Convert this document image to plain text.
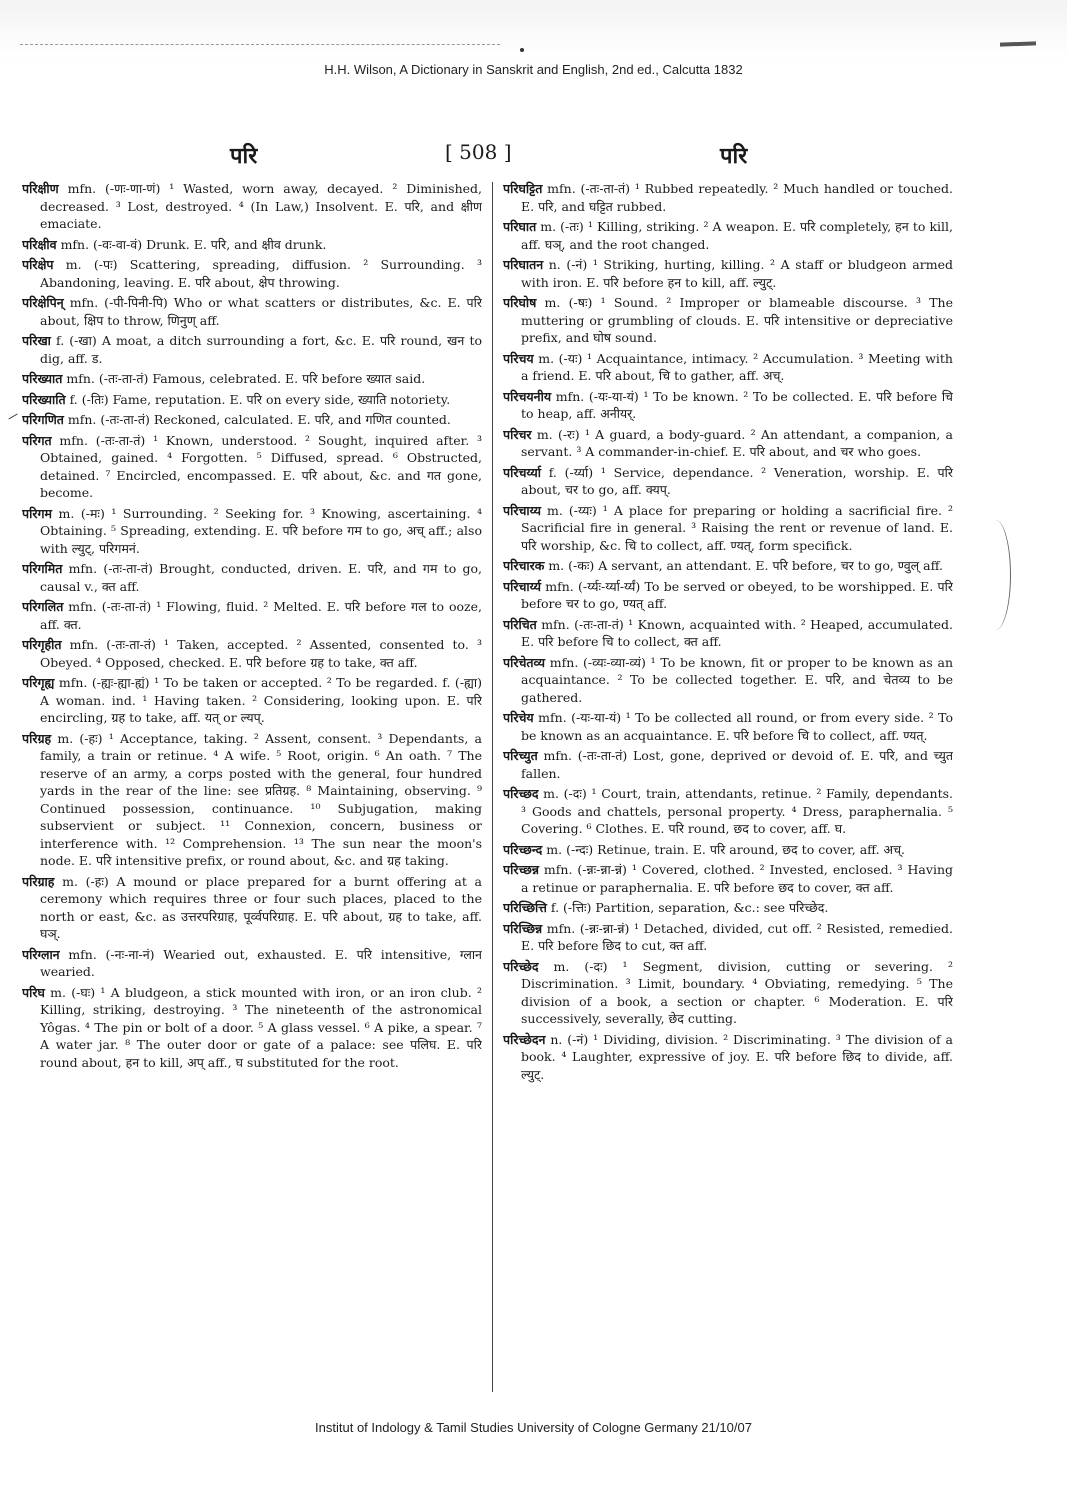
H.H. Wilson, A Dictionary in Sanskrit and English, 2nd ed., Calcutta 1832
परि	[ 508 ]	परि

परिक्षीण mfn. (-णः-णा-णं) ¹ Wasted, worn away, decayed. ² Diminished, decreased. ³ Lost, destroyed. ⁴ (In Law,) Insolvent. E. परि, and क्षीण emaciate.

परिक्षीव mfn. (-वः-वा-वं) Drunk. E. परि, and क्षीव drunk.

परिक्षेप m. (-पः) Scattering, spreading, diffusion. ² Surrounding. ³ Abandoning, leaving. E. परि about, क्षेप throwing.

परिक्षेपिन् mfn. (-पी-पिनी-पि) Who or what scatters or distributes, &c. E. परि about, क्षिप to throw, णिनुण् aff.

परिखा f. (-खा) A moat, a ditch surrounding a fort, &c. E. परि round, खन to dig, aff. ड.

परिख्यात mfn. (-तः-ता-तं) Famous, celebrated. E. परि before ख्यात said.

परिख्याति f. (-तिः) Fame, reputation. E. परि on every side, ख्याति notoriety.

परिगणित mfn. (-तः-ता-तं) Reckoned, calculated. E. परि, and गणित counted.

परिगत mfn. (-तः-ता-तं) ¹ Known, understood. ² Sought, inquired after. ³ Obtained, gained. ⁴ Forgotten. ⁵ Diffused, spread. ⁶ Obstructed, detained. ⁷ Encircled, encompassed. E. परि about, &c. and गत gone, become.

परिगम m. (-मः) ¹ Surrounding. ² Seeking for. ³ Knowing, ascertaining. ⁴ Obtaining. ⁵ Spreading, extending. E. परि before गम to go, अच् aff.; also with ल्युट्, परिगमनं.

परिगमित mfn. (-तः-ता-तं) Brought, conducted, driven. E. परि, and गम to go, causal v., क्त aff.

परिगलित mfn. (-तः-ता-तं) ¹ Flowing, fluid. ² Melted. E. परि before गल to ooze, aff. क्त.

परिगृहीत mfn. (-तः-ता-तं) ¹ Taken, accepted. ² Assented, consented to. ³ Obeyed. ⁴ Opposed, checked. E. परि before ग्रह to take, क्त aff.

परिगृह्य mfn. (-ह्यः-ह्या-ह्यं) ¹ To be taken or accepted. ² To be regarded. f. (-ह्या) A woman. ind. ¹ Having taken. ² Considering, looking upon. E. परि encircling, ग्रह to take, aff. यत् or ल्यप्.

परिग्रह m. (-हः) ¹ Acceptance, taking. ² Assent, consent. ³ Dependants, a family, a train or retinue. ⁴ A wife. ⁵ Root, origin. ⁶ An oath. ⁷ The reserve of an army, a corps posted with the general, four hundred yards in the rear of the line: see प्रतिग्रह. ⁸ Maintaining, observing. ⁹ Continued possession, continuance. ¹⁰ Subjugation, making subservient or subject. ¹¹ Connexion, concern, business or interference with. ¹² Comprehension. ¹³ The sun near the moon's node. E. परि intensitive prefix, or round about, &c. and ग्रह taking.

परिग्राह m. (-हः) A mound or place prepared for a burnt offering at a ceremony which requires three or four such places, placed to the north or east, &c. as उत्तरपरिग्राह, पूर्व्वपरिग्राह. E. परि about, ग्रह to take, aff. घञ्.

परिग्लान mfn. (-नः-ना-नं) Wearied out, exhausted. E. परि intensitive, ग्लान wearied.

परिघ m. (-घः) ¹ A bludgeon, a stick mounted with iron, or an iron club. ² Killing, striking, destroying. ³ The nineteenth of the astronomical Yôgas. ⁴ The pin or bolt of a door. ⁵ A glass vessel. ⁶ A pike, a spear. ⁷ A water jar. ⁸ The outer door or gate of a palace: see पलिघ. E. परि round about, हन to kill, अप् aff., घ substituted for the root.

परिघट्टित mfn. (-तः-ता-तं) ¹ Rubbed repeatedly. ² Much handled or touched. E. परि, and घट्टित rubbed.

परिघात m. (-तः) ¹ Killing, striking. ² A weapon. E. परि completely, हन to kill, aff. घञ्, and the root changed.

परिघातन n. (-नं) ¹ Striking, hurting, killing. ² A staff or bludgeon armed with iron. E. परि before हन to kill, aff. ल्युट्.

परिघोष m. (-षः) ¹ Sound. ² Improper or blameable discourse. ³ The muttering or grumbling of clouds. E. परि intensitive or depreciative prefix, and घोष sound.

परिचय m. (-यः) ¹ Acquaintance, intimacy. ² Accumulation. ³ Meeting with a friend. E. परि about, चि to gather, aff. अच्.

परिचयनीय mfn. (-यः-या-यं) ¹ To be known. ² To be collected. E. परि before चि to heap, aff. अनीयर्.

परिचर m. (-रः) ¹ A guard, a body-guard. ² An attendant, a companion, a servant. ³ A commander-in-chief. E. परि about, and चर who goes.

परिचर्य्या f. (-र्य्या) ¹ Service, dependance. ² Veneration, worship. E. परि about, चर to go, aff. क्यप्.

परिचाय्य m. (-य्यः) ¹ A place for preparing or holding a sacrificial fire. ² Sacrificial fire in general. ³ Raising the rent or revenue of land. E. परि worship, &c. चि to collect, aff. ण्यत्, form specifick.

परिचारक m. (-कः) A servant, an attendant. E. परि before, चर to go, ण्वुल् aff.

परिचार्य्य mfn. (-र्य्यः-र्य्या-र्य्यं) To be served or obeyed, to be worshipped. E. परि before चर to go, ण्यत् aff.

परिचित mfn. (-तः-ता-तं) ¹ Known, acquainted with. ² Heaped, accumulated. E. परि before चि to collect, क्त aff.

परिचेतव्य mfn. (-व्यः-व्या-व्यं) ¹ To be known, fit or proper to be known as an acquaintance. ² To be collected together. E. परि, and चेतव्य to be gathered.

परिचेय mfn. (-यः-या-यं) ¹ To be collected all round, or from every side. ² To be known as an acquaintance. E. परि before चि to collect, aff. ण्यत्.

परिच्युत mfn. (-तः-ता-तं) Lost, gone, deprived or devoid of. E. परि, and च्युत fallen.

परिच्छद m. (-दः) ¹ Court, train, attendants, retinue. ² Family, dependants. ³ Goods and chattels, personal property. ⁴ Dress, paraphernalia. ⁵ Covering. ⁶ Clothes. E. परि round, छद to cover, aff. घ.

परिच्छन्द m. (-न्दः) Retinue, train. E. परि around, छद to cover, aff. अच्.

परिच्छन्न mfn. (-न्नः-न्ना-न्नं) ¹ Covered, clothed. ² Invested, enclosed. ³ Having a retinue or paraphernalia. E. परि before छद to cover, क्त aff.

परिच्छित्ति f. (-त्तिः) Partition, separation, &c.: see परिच्छेद.

परिच्छिन्न mfn. (-न्नः-न्ना-न्नं) ¹ Detached, divided, cut off. ² Resisted, remedied. E. परि before छिद to cut, क्त aff.

परिच्छेद m. (-दः) ¹ Segment, division, cutting or severing. ² Discrimination. ³ Limit, boundary. ⁴ Obviating, remedying. ⁵ The division of a book, a section or chapter. ⁶ Moderation. E. परि successively, severally, छेद cutting.

परिच्छेदन n. (-नं) ¹ Dividing, division. ² Discriminating. ³ The division of a book. ⁴ Laughter, expressive of joy. E. परि before छिद to divide, aff. ल्युट्.

Institut of Indology & Tamil Studies University of Cologne Germany 21/10/07
